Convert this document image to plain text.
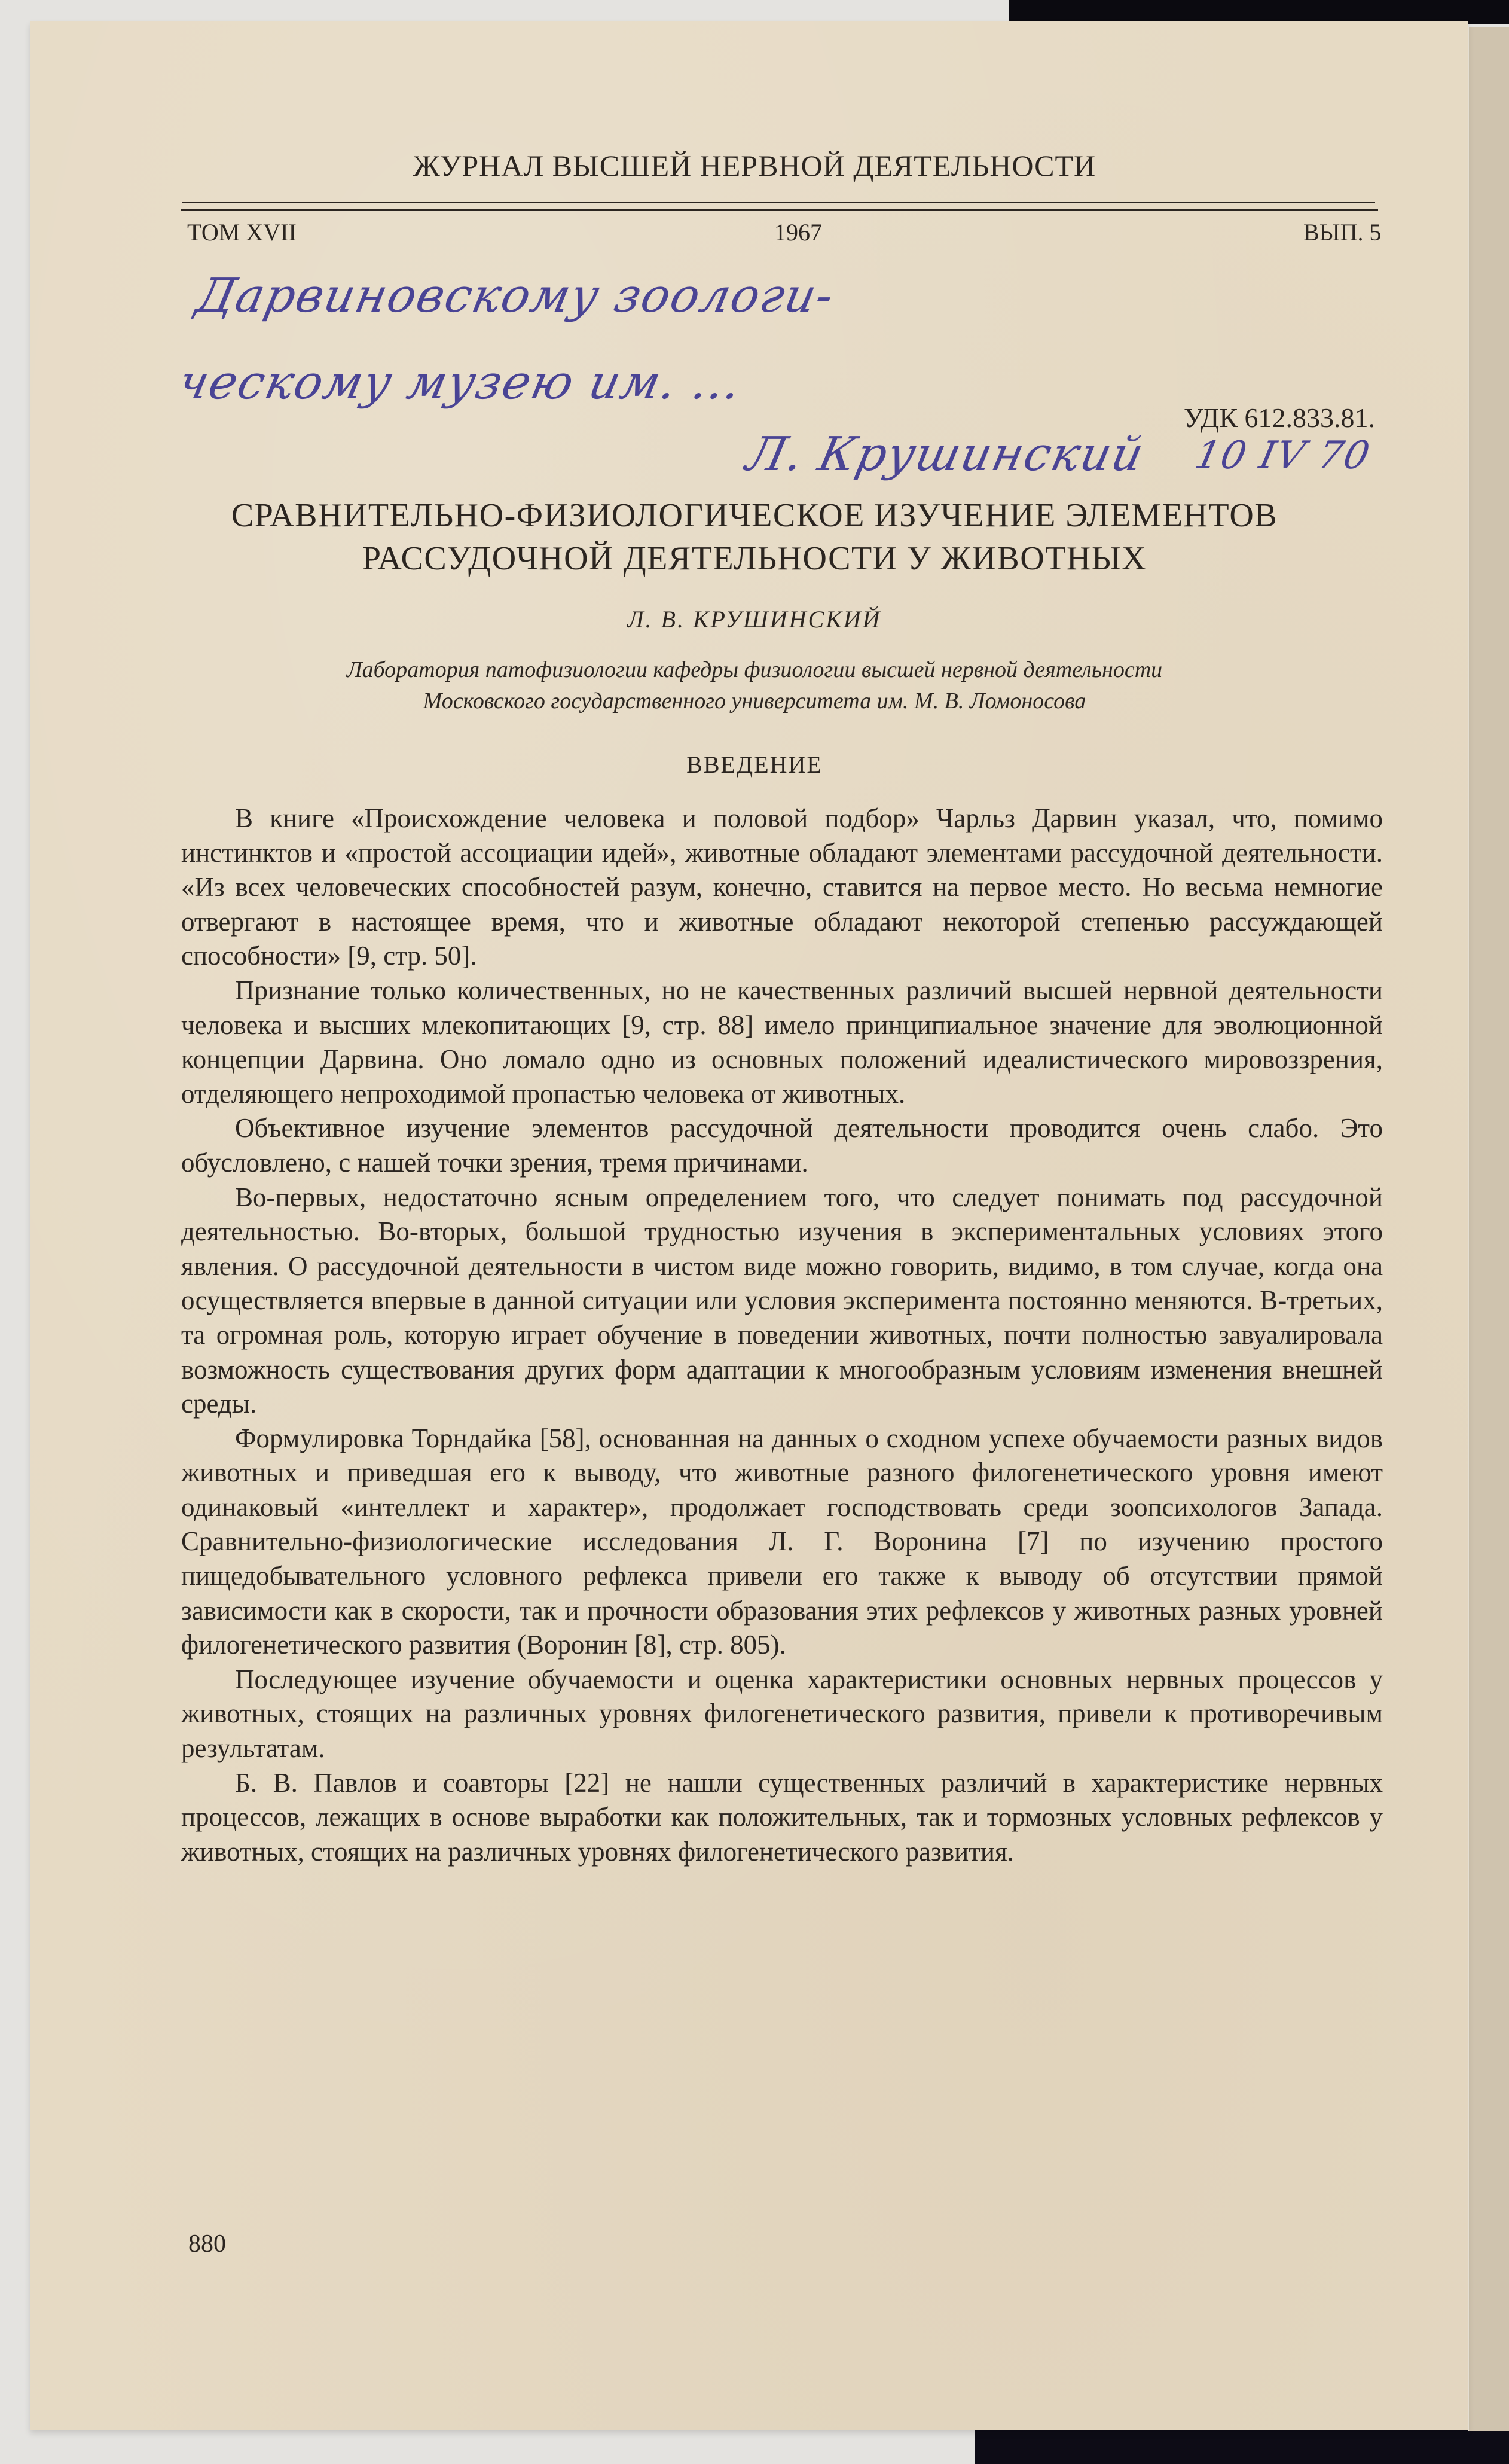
ЖУРНАЛ ВЫСШЕЙ НЕРВНОЙ ДЕЯТЕЛЬНОСТИ
ТОМ XVII	1967	ВЫП. 5
Дарвиновскому зоологи-
ческому музею им. ...
Л. Крушинский 10 IV 70
УДК 612.833.81.
СРАВНИТЕЛЬНО-ФИЗИОЛОГИЧЕСКОЕ ИЗУЧЕНИЕ ЭЛЕМЕНТОВ
РАССУДОЧНОЙ ДЕЯТЕЛЬНОСТИ У ЖИВОТНЫХ
Л. В. КРУШИНСКИЙ
Лаборатория патофизиологии кафедры физиологии высшей нервной деятельности
Московского государственного университета им. М. В. Ломоносова
ВВЕДЕНИЕ

В книге «Происхождение человека и половой подбор» Чарльз Дарвин указал, что, помимо инстинктов и «простой ассоциации идей», животные обладают элементами рассудочной деятельности. «Из всех человеческих способностей разум, конечно, ставится на первое место. Но весьма немногие отвергают в настоящее время, что и животные обладают некоторой степенью рассуждающей способности» [9, стр. 50].

Признание только количественных, но не качественных различий высшей нервной деятельности человека и высших млекопитающих [9, стр. 88] имело принципиальное значение для эволюционной концепции Дарвина. Оно ломало одно из основных положений идеалистического мировоззрения, отделяющего непроходимой пропастью человека от животных.

Объективное изучение элементов рассудочной деятельности проводится очень слабо. Это обусловлено, с нашей точки зрения, тремя причинами.

Во-первых, недостаточно ясным определением того, что следует понимать под рассудочной деятельностью. Во-вторых, большой трудностью изучения в экспериментальных условиях этого явления. О рассудочной деятельности в чистом виде можно говорить, видимо, в том случае, когда она осуществляется впервые в данной ситуации или условия эксперимента постоянно меняются. В-третьих, та огромная роль, которую играет обучение в поведении животных, почти полностью завуалировала возможность существования других форм адаптации к многообразным условиям изменения внешней среды.

Формулировка Торндайка [58], основанная на данных о сходном успехе обучаемости разных видов животных и приведшая его к выводу, что животные разного филогенетического уровня имеют одинаковый «интеллект и характер», продолжает господствовать среди зоопсихологов Запада. Сравнительно-физиологические исследования Л. Г. Воронина [7] по изучению простого пищедобывательного условного рефлекса привели его также к выводу об отсутствии прямой зависимости как в скорости, так и прочности образования этих рефлексов у животных разных уровней филогенетического развития (Воронин [8], стр. 805).

Последующее изучение обучаемости и оценка характеристики основных нервных процессов у животных, стоящих на различных уровнях филогенетического развития, привели к противоречивым результатам.

Б. В. Павлов и соавторы [22] не нашли существенных различий в характеристике нервных процессов, лежащих в основе выработки как положительных, так и тормозных условных рефлексов у животных, стоящих на различных уровнях филогенетического развития.

880
